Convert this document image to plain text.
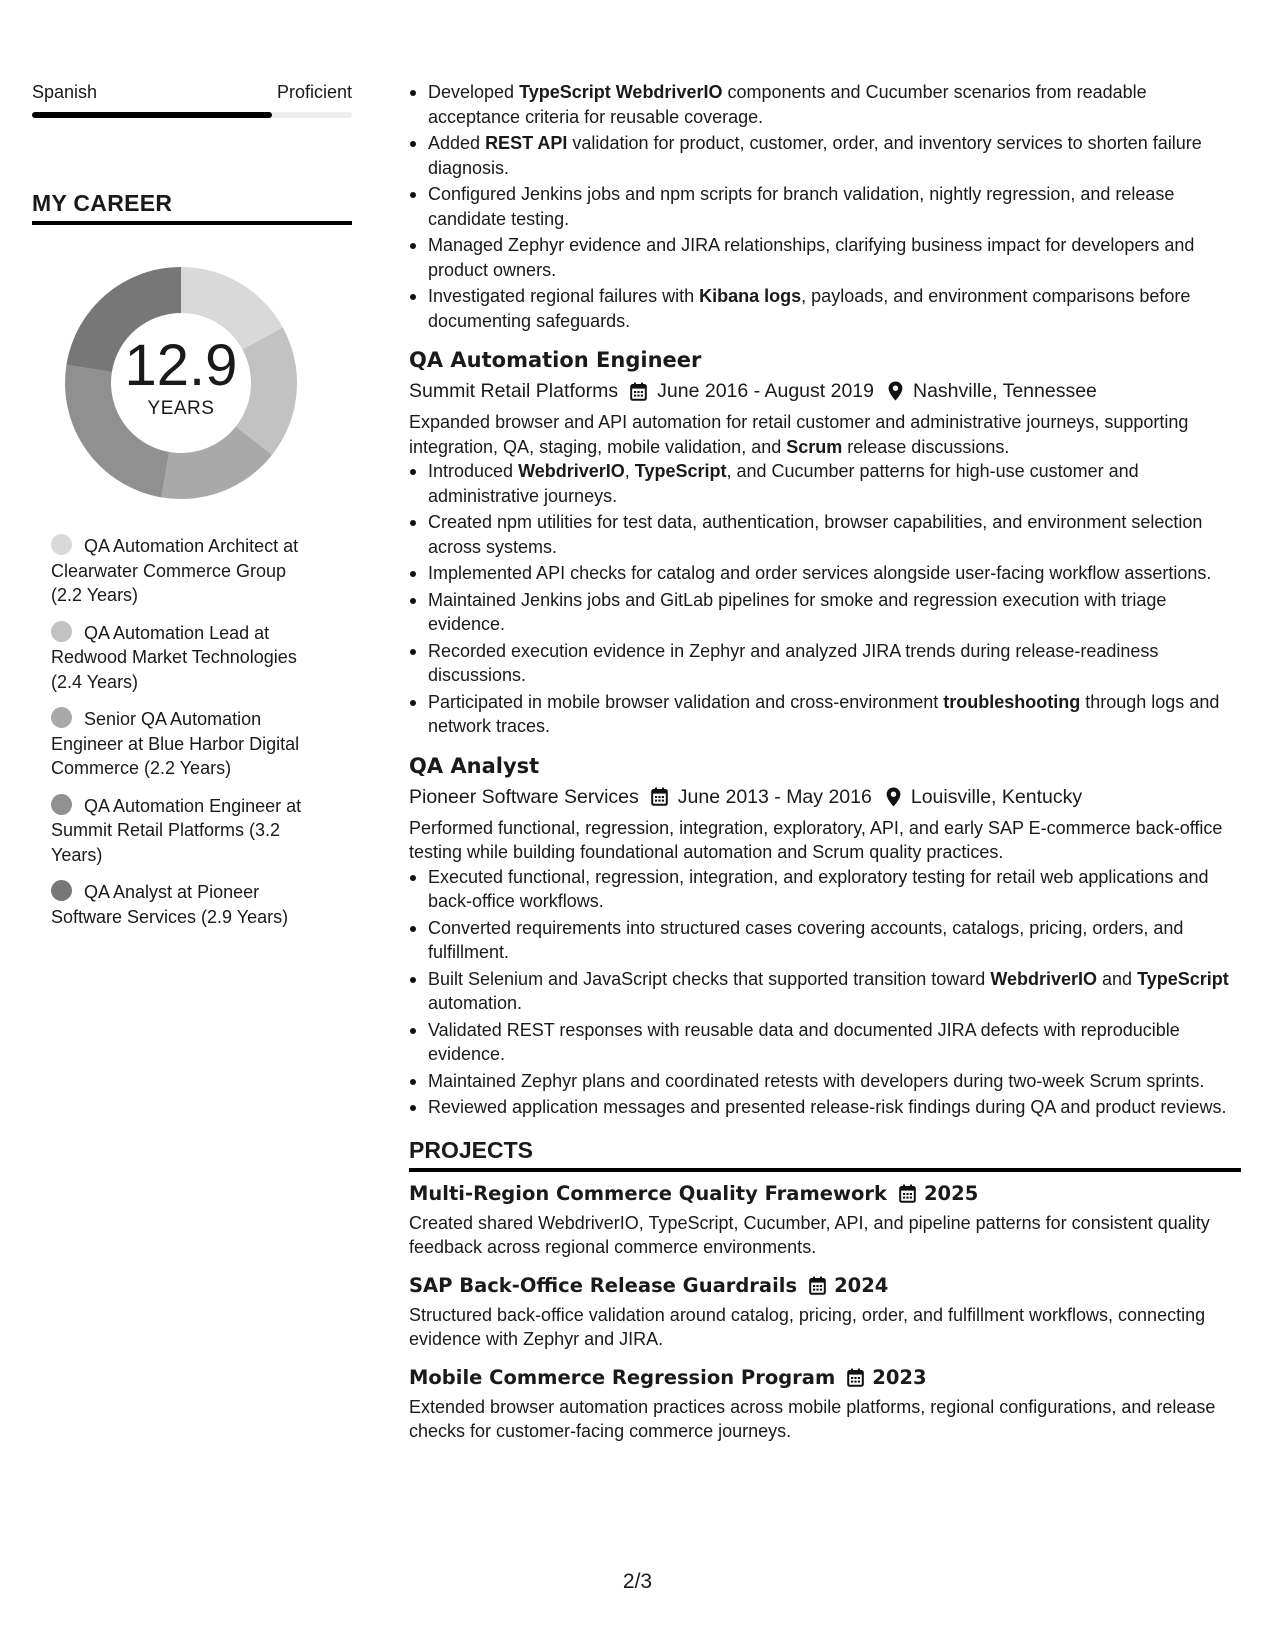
Spanish	Proficient
MY CAREER
12.9
YEARS
QA Automation Architect at Clearwater Commerce Group (2.2 Years)
QA Automation Lead at Redwood Market Technologies (2.4 Years)
Senior QA Automation Engineer at Blue Harbor Digital Commerce (2.2 Years)
QA Automation Engineer at Summit Retail Platforms (3.2 Years)
QA Analyst at Pioneer Software Services (2.9 Years)
Developed TypeScript WebdriverIO components and Cucumber scenarios from readable acceptance criteria for reusable coverage.
Added REST API validation for product, customer, order, and inventory services to shorten failure diagnosis.
Configured Jenkins jobs and npm scripts for branch validation, nightly regression, and release candidate testing.
Managed Zephyr evidence and JIRA relationships, clarifying business impact for developers and product owners.
Investigated regional failures with Kibana logs, payloads, and environment comparisons before documenting safeguards.
QA Automation Engineer
Summit Retail Platforms June 2016 - August 2019 Nashville, Tennessee

Expanded browser and API automation for retail customer and administrative journeys, supporting integration, QA, staging, mobile validation, and Scrum release discussions.

Introduced WebdriverIO, TypeScript, and Cucumber patterns for high-use customer and administrative journeys.
Created npm utilities for test data, authentication, browser capabilities, and environment selection across systems.
Implemented API checks for catalog and order services alongside user-facing workflow assertions.
Maintained Jenkins jobs and GitLab pipelines for smoke and regression execution with triage evidence.
Recorded execution evidence in Zephyr and analyzed JIRA trends during release-readiness discussions.
Participated in mobile browser validation and cross-environment troubleshooting through logs and network traces.
QA Analyst
Pioneer Software Services June 2013 - May 2016 Louisville, Kentucky

Performed functional, regression, integration, exploratory, API, and early SAP E-commerce back-office testing while building foundational automation and Scrum quality practices.

Executed functional, regression, integration, and exploratory testing for retail web applications and back-office workflows.
Converted requirements into structured cases covering accounts, catalogs, pricing, orders, and fulfillment.
Built Selenium and JavaScript checks that supported transition toward WebdriverIO and TypeScript automation.
Validated REST responses with reusable data and documented JIRA defects with reproducible evidence.
Maintained Zephyr plans and coordinated retests with developers during two-week Scrum sprints.
Reviewed application messages and presented release-risk findings during QA and product reviews.
PROJECTS
Multi-Region Commerce Quality Framework 2025

Created shared WebdriverIO, TypeScript, Cucumber, API, and pipeline patterns for consistent quality feedback across regional commerce environments.

SAP Back-Office Release Guardrails 2024

Structured back-office validation around catalog, pricing, order, and fulfillment workflows, connecting evidence with Zephyr and JIRA.

Mobile Commerce Regression Program 2023

Extended browser automation practices across mobile platforms, regional configurations, and release checks for customer-facing commerce journeys.

2/3
